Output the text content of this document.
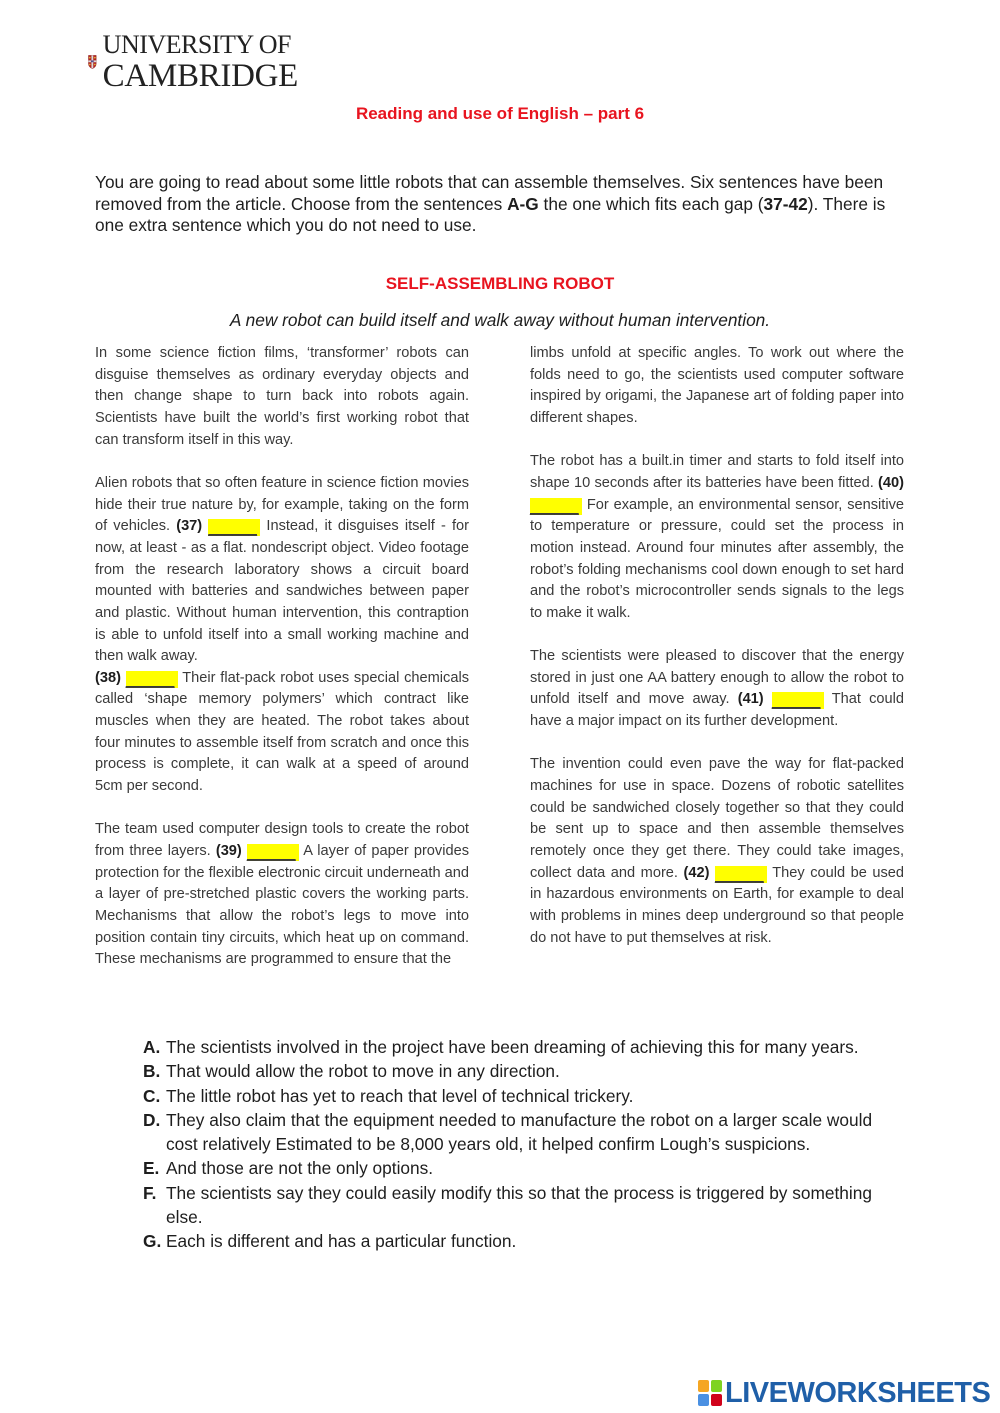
UNIVERSITY OF
CAMBRIDGE
Reading and use of English – part 6
You are going to read about some little robots that can assemble themselves. Six sentences have been removed from the article. Choose from the sentences A-G the one which fits each gap (37-42). There is one extra sentence which you do not need to use.
SELF-ASSEMBLING ROBOT
A new robot can build itself and walk away without human intervention.

In some science fiction films, ‘transformer’ robots can disguise themselves as ordinary everyday objects and then change shape to turn back into robots again. Scientists have built the world’s first working robot that can transform itself in this way.

Alien robots that so often feature in science fiction movies hide their true nature by, for example, taking on the form of vehicles. (37) ______ Instead, it disguises itself - for now, at least - as a flat. nondescript object. Video footage from the research laboratory shows a circuit board mounted with batteries and sandwiches between paper and plastic. Without human intervention, this contraption is able to unfold itself into a small working machine and then walk away.

(38) ______ Their flat-pack robot uses special chemicals called ‘shape memory polymers’ which contract like muscles when they are heated. The robot takes about four minutes to assemble itself from scratch and once this process is complete, it can walk at a speed of around 5cm per second.

The team used computer design tools to create the robot from three layers. (39) ______ A layer of paper provides protection for the flexible electronic circuit underneath and a layer of pre-stretched plastic covers the working parts. Mechanisms that allow the robot’s legs to move into position contain tiny circuits, which heat up on command. These mechanisms are programmed to ensure that the

limbs unfold at specific angles. To work out where the folds need to go, the scientists used computer software inspired by origami, the Japanese art of folding paper into different shapes.

The robot has a built.in timer and starts to fold itself into shape 10 seconds after its batteries have been fitted. (40) ______ For example, an environmental sensor, sensitive to temperature or pressure, could set the process in motion instead. Around four minutes after assembly, the robot’s folding mechanisms cool down enough to set hard and the robot’s microcontroller sends signals to the legs to make it walk.

The scientists were pleased to discover that the energy stored in just one AA battery enough to allow the robot to unfold itself and move away. (41) ______ That could have a major impact on its further development.

The invention could even pave the way for flat-packed machines for use in space. Dozens of robotic satellites could be sandwiched closely together so that they could be sent up to space and then assemble themselves remotely once they get there. They could take images, collect data and more. (42) ______ They could be used in hazardous environments on Earth, for example to deal with problems in mines deep underground so that people do not have to put themselves at risk.

A. The scientists involved in the project have been dreaming of achieving this for many years.
B. That would allow the robot to move in any direction.
C. The little robot has yet to reach that level of technical trickery.
D. They also claim that the equipment needed to manufacture the robot on a larger scale would cost relatively Estimated to be 8,000 years old, it helped confirm Lough’s suspicions.
E. And those are not the only options.
F. The scientists say they could easily modify this so that the process is triggered by something else.
G. Each is different and has a particular function.
LIVEWORKSHEETS
